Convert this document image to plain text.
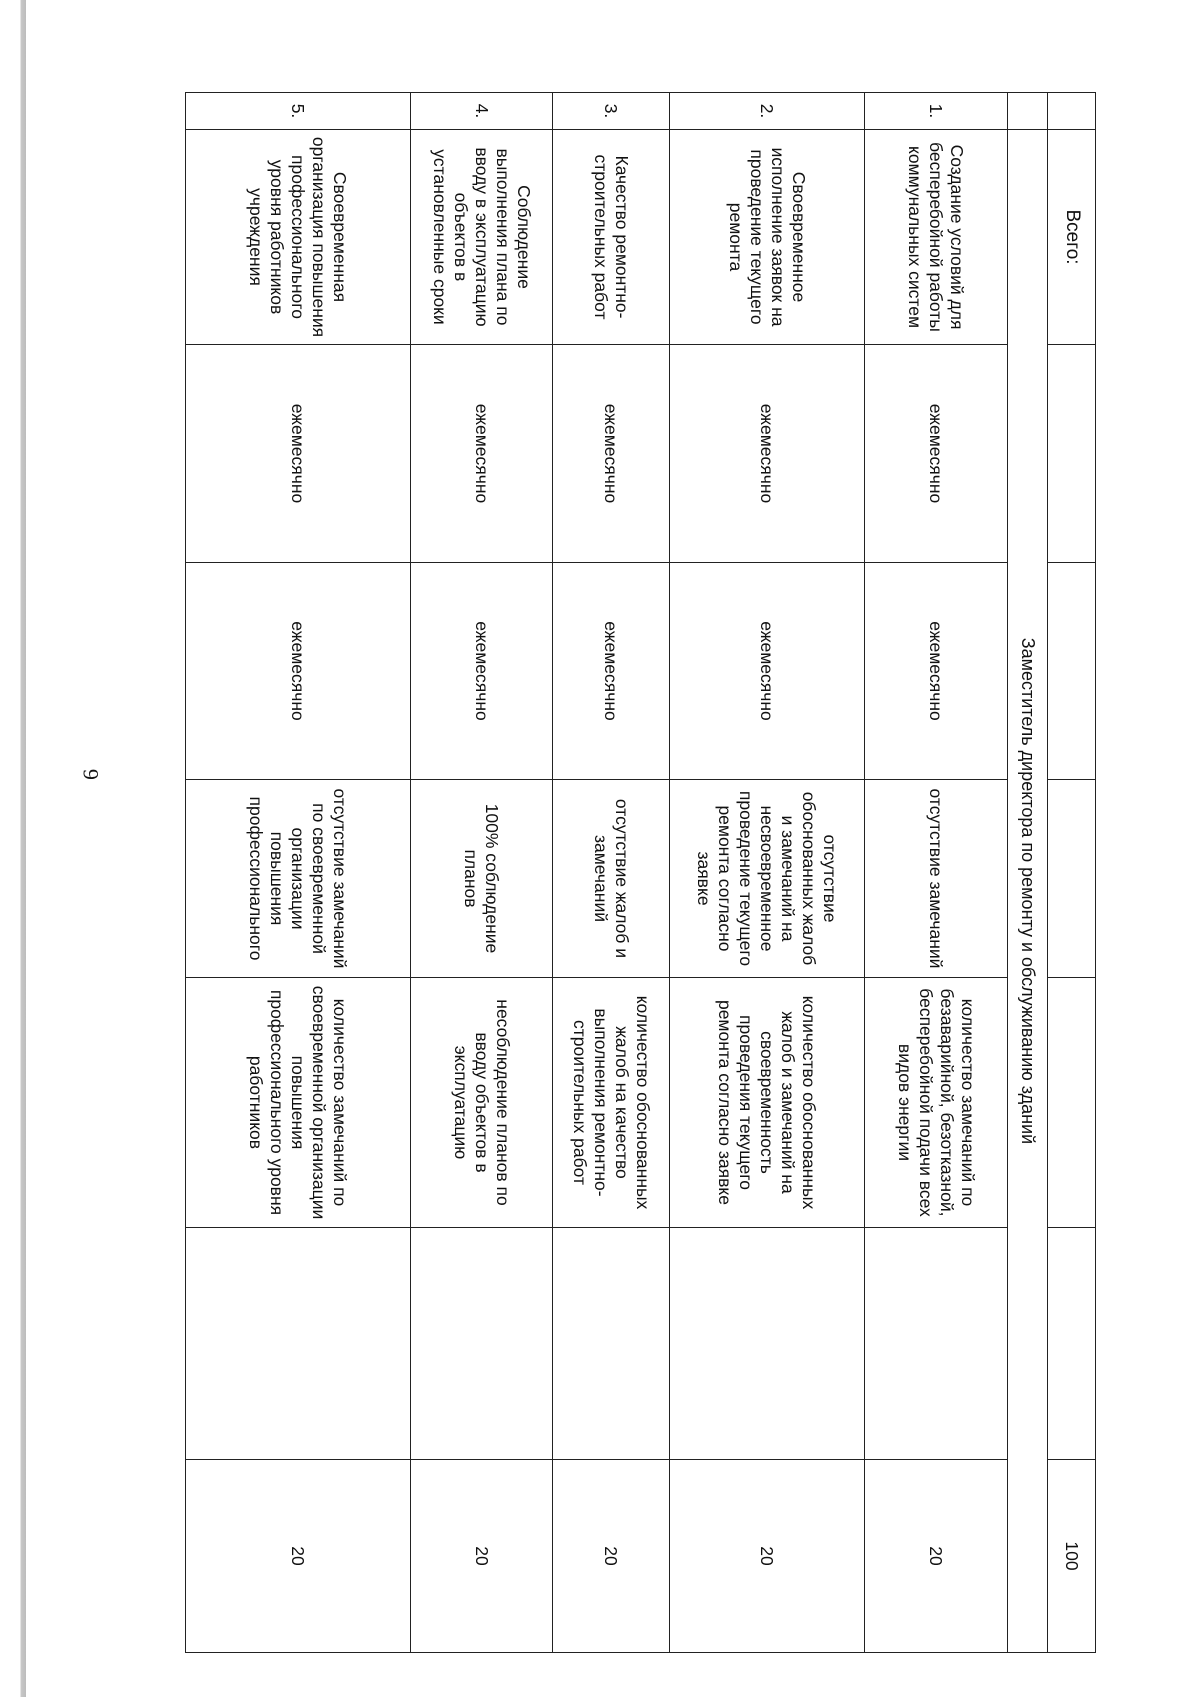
6
	Всего:						100
	Заместитель директора по ремонту и обслуживанию зданий						
1.	Создание условий для бесперебойной работы коммунальных систем	ежемесячно	ежемесячно	отсутствие замечаний	количество замечаний по безаварийной, безотказной, бесперебойной подачи всех видов энергии		20
2.	Своевременное исполнение заявок на проведение текущего ремонта	ежемесячно	ежемесячно	отсутствие обоснованных жалоб и замечаний на несвоевременное проведение текущего ремонта согласно заявке	количество обоснованных жалоб и замечаний на своевременность проведения текущего ремонта согласно заявке		20
3.	Качество ремонтно-строительных работ	ежемесячно	ежемесячно	отсутствие жалоб и замечаний	количество обоснованных жалоб на качество выполнения ремонтно-строительных работ		20
4.	Соблюдение выполнения плана по вводу в эксплуатацию объектов в установленные сроки	ежемесячно	ежемесячно	100% соблюдение планов	несоблюдение планов по вводу объектов в эксплуатацию		20
5.	Своевременная организация повышения профессионального уровня работников учреждения	ежемесячно	ежемесячно	отсутствие замечаний по своевременной организации повышения профессионального	количество замечаний по своевременной организации повышения профессионального уровня работников		20
